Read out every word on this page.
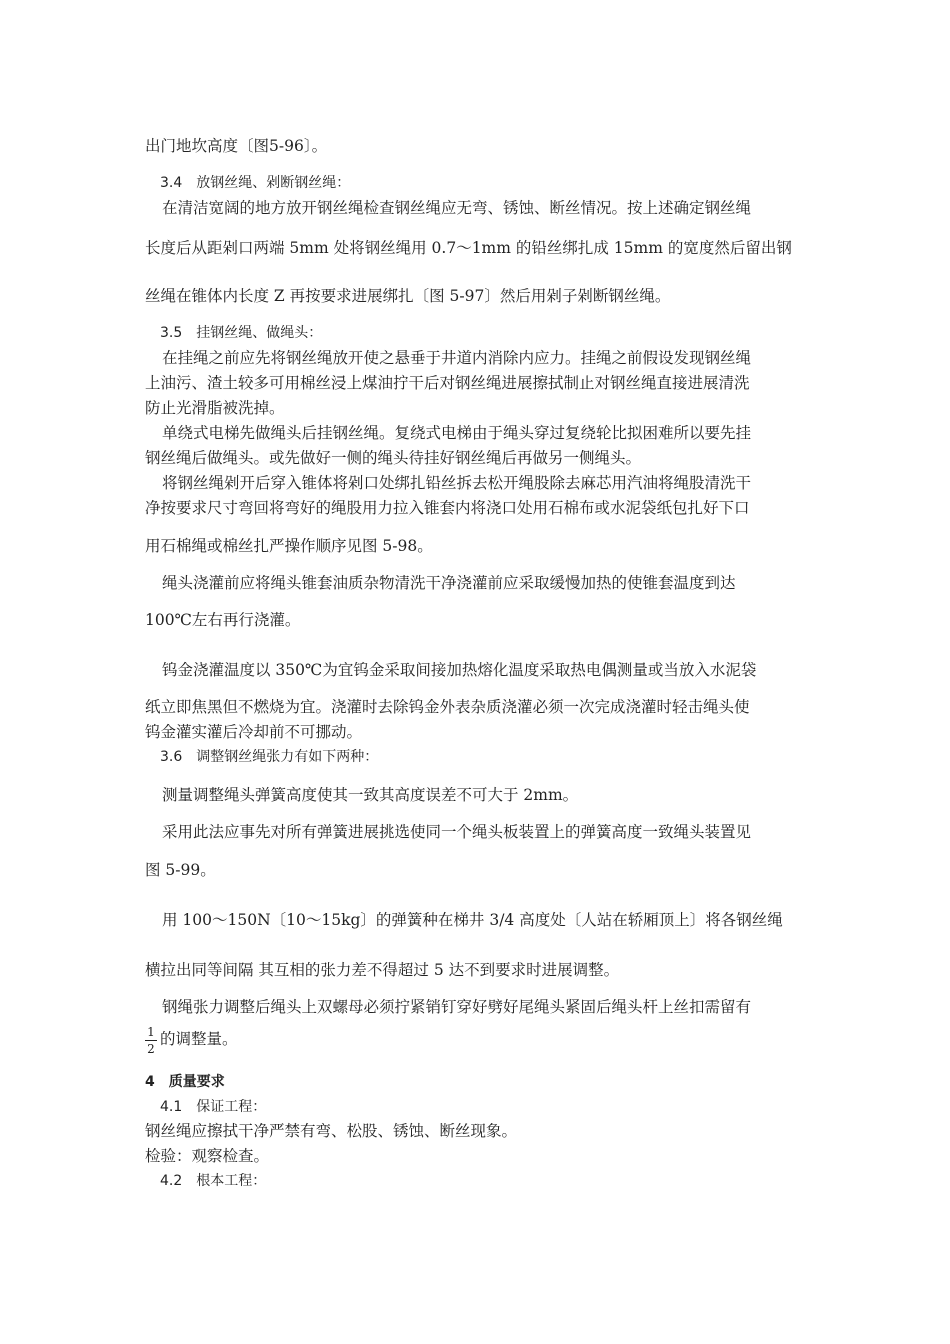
出门地坎高度〔图5-96〕。
3.4　放钢丝绳、剁断钢丝绳：
在清洁宽阔的地方放开钢丝绳检查钢丝绳应无弯、锈蚀、断丝情况。按上述确定钢丝绳
长度后从距剁口两端 5mm 处将钢丝绳用 0.7～1mm 的铅丝绑扎成 15mm 的宽度然后留出钢
丝绳在锥体内长度 Z 再按要求进展绑扎〔图 5-97〕然后用剁子剁断钢丝绳。
3.5　挂钢丝绳、做绳头：
在挂绳之前应先将钢丝绳放开使之悬垂于井道内消除内应力。挂绳之前假设发现钢丝绳
上油污、渣土较多可用棉丝浸上煤油拧干后对钢丝绳进展擦拭制止对钢丝绳直接进展清洗
防止光滑脂被洗掉。
单绕式电梯先做绳头后挂钢丝绳。复绕式电梯由于绳头穿过复绕轮比拟困难所以要先挂
钢丝绳后做绳头。或先做好一侧的绳头待挂好钢丝绳后再做另一侧绳头。
将钢丝绳剁开后穿入锥体将剁口处绑扎铅丝拆去松开绳股除去麻芯用汽油将绳股清洗干
净按要求尺寸弯回将弯好的绳股用力拉入锥套内将浇口处用石棉布或水泥袋纸包扎好下口
用石棉绳或棉丝扎严操作顺序见图 5-98。
绳头浇灌前应将绳头锥套油质杂物清洗干净浇灌前应采取缓慢加热的使锥套温度到达
100℃左右再行浇灌。
钨金浇灌温度以 350℃为宜钨金采取间接加热熔化温度采取热电偶测量或当放入水泥袋
纸立即焦黑但不燃烧为宜。浇灌时去除钨金外表杂质浇灌必须一次完成浇灌时轻击绳头使
钨金灌实灌后冷却前不可挪动。
3.6　调整钢丝绳张力有如下两种：
测量调整绳头弹簧高度使其一致其高度误差不可大于 2mm。
采用此法应事先对所有弹簧进展挑选使同一个绳头板装置上的弹簧高度一致绳头装置见
图 5-99。
用 100～150N〔10～15kg〕的弹簧种在梯井 3/4 高度处〔人站在轿厢顶上〕将各钢丝绳
横拉出同等间隔 其互相的张力差不得超过 5 达不到要求时进展调整。
钢绳张力调整后绳头上双螺母必须拧紧销钉穿好劈好尾绳头紧固后绳头杆上丝扣需留有
1
2
的调整量。
4　质量要求
4.1　保证工程：
钢丝绳应擦拭干净严禁有弯、松股、锈蚀、断丝现象。
检验：观察检查。
4.2　根本工程：
